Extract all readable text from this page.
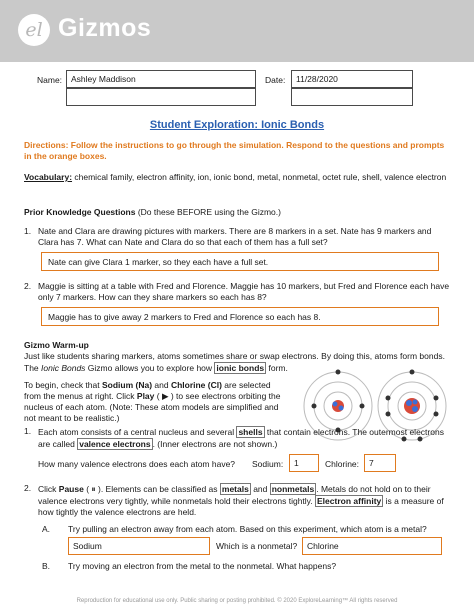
el Gizmos
Name:	Ashley Maddison	Date:	11/28/2020
Student Exploration: Ionic Bonds
Directions: Follow the instructions to go through the simulation. Respond to the questions and prompts in the orange boxes.
Vocabulary: chemical family, electron affinity, ion, ionic bond, metal, nonmetal, octet rule, shell, valence electron
Prior Knowledge Questions (Do these BEFORE using the Gizmo.)
1. Nate and Clara are drawing pictures with markers. There are 8 markers in a set. Nate has 9 markers and Clara has 7. What can Nate and Clara do so that each of them has a full set?
Nate can give Clara 1 marker, so they each have a full set.
2. Maggie is sitting at a table with Fred and Florence. Maggie has 10 markers, but Fred and Florence each have only 7 markers. How can they share markers so each has 8?
Maggie has to give away 2 markers to Fred and Florence so each has 8.
Gizmo Warm-up
Just like students sharing markers, atoms sometimes share or swap electrons. By doing this, atoms form bonds. The Ionic Bonds Gizmo allows you to explore how ionic bonds form.
To begin, check that Sodium (Na) and Chlorine (Cl) are selected from the menus at right. Click Play ( ▶ ) to see electrons orbiting the nucleus of each atom. (Note: These atom models are simplified and not meant to be realistic.)
1. Each atom consists of a central nucleus and several shells that contain electrons. The outermost electrons are called valence electrons . (Inner electrons are not shown.)
How many valence electrons does each atom have? Sodium:	1	Chlorine:	7
2. Click Pause ( ⏸ ). Elements can be classified as metals and nonmetals . Metals do not hold on to their valence electrons very tightly, while nonmetals hold their electrons tightly. Electron affinity is a measure of how tightly the valence electrons are held.
A. Try pulling an electron away from each atom. Based on this experiment, which atom is a metal?
Sodium	Which is a nonmetal?	Chlorine
B. Try moving an electron from the metal to the nonmetal. What happens?
Reproduction for educational use only. Public sharing or posting prohibited. © 2020 ExploreLearning™ All rights reserved
